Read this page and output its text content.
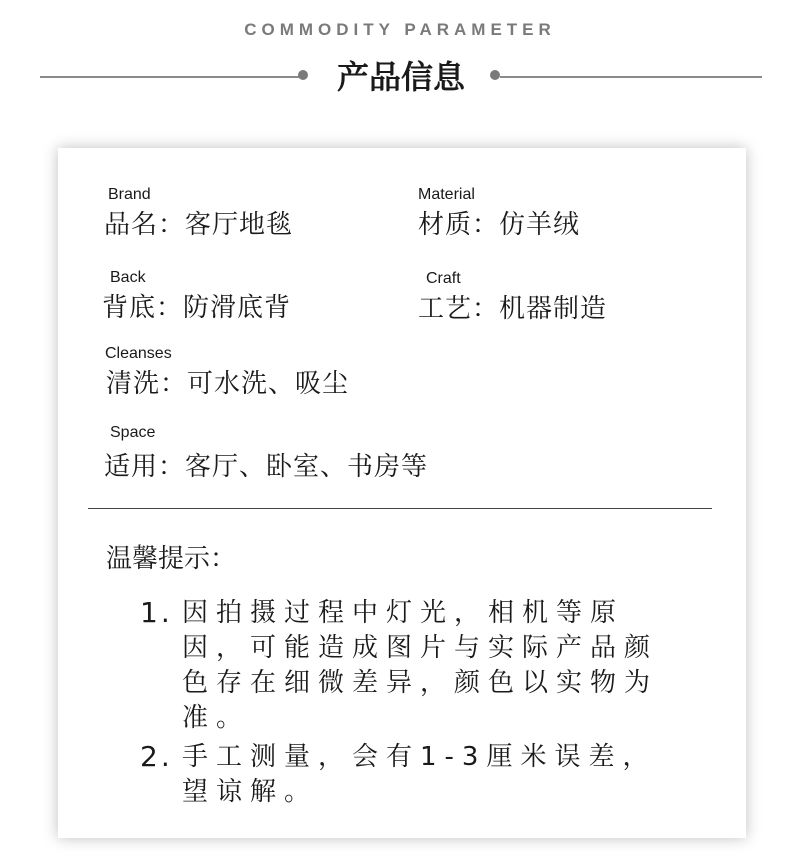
COMMODITY PARAMETER
产品信息
Brand
品名：客厅地毯
Material
材质：仿羊绒
Back
背底：防滑底背
Craft
工艺：机器制造
Cleanses
清洗：可水洗、吸尘
Space
适用：客厅、卧室、书房等
温馨提示：
1. 因拍摄过程中灯光，相机等原因，可能造成图片与实际产品颜色存在细微差异，颜色以实物为准。
2. 手工测量，会有1-3厘米误差，望谅解。
